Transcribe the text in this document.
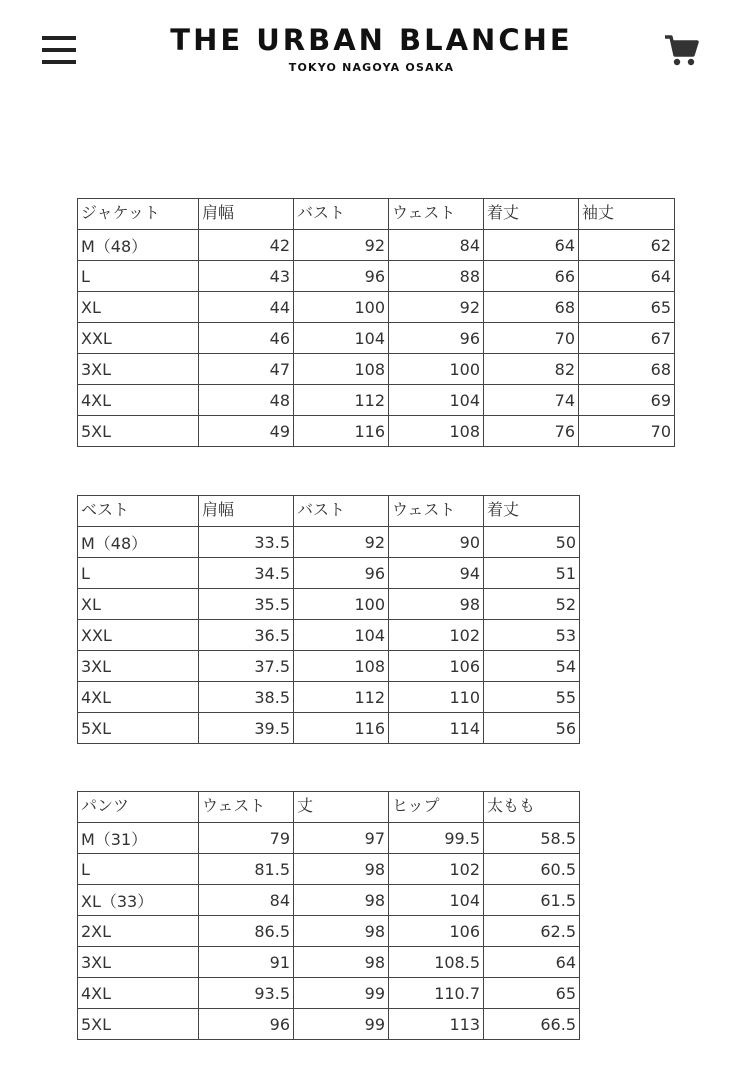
THE URBAN BLANCHE
TOKYO NAGOYA OSAKA
ジャケット	肩幅	バスト	ウェスト	着丈	袖丈
M（48）	42	92	84	64	62
L	43	96	88	66	64
XL	44	100	92	68	65
XXL	46	104	96	70	67
3XL	47	108	100	82	68
4XL	48	112	104	74	69
5XL	49	116	108	76	70
ベスト	肩幅	バスト	ウェスト	着丈
M（48）	33.5	92	90	50
L	34.5	96	94	51
XL	35.5	100	98	52
XXL	36.5	104	102	53
3XL	37.5	108	106	54
4XL	38.5	112	110	55
5XL	39.5	116	114	56
パンツ	ウェスト	丈	ヒップ	太もも
M（31）	79	97	99.5	58.5
L	81.5	98	102	60.5
XL（33）	84	98	104	61.5
2XL	86.5	98	106	62.5
3XL	91	98	108.5	64
4XL	93.5	99	110.7	65
5XL	96	99	113	66.5
